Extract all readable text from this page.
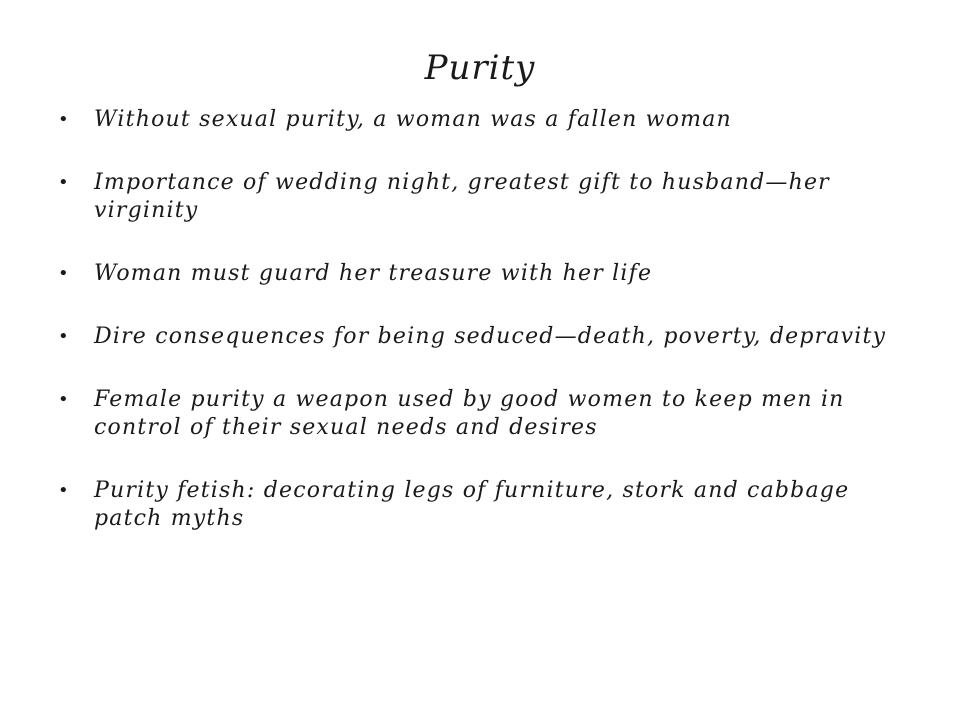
Purity
• Without sexual purity, a woman was a fallen woman
• Importance of wedding night, greatest gift to husband—her virginity
• Woman must guard her treasure with her life
• Dire consequences for being seduced—death, poverty, depravity
• Female purity a weapon used by good women to keep men in control of their sexual needs and desires
• Purity fetish: decorating legs of furniture, stork and cabbage patch myths
